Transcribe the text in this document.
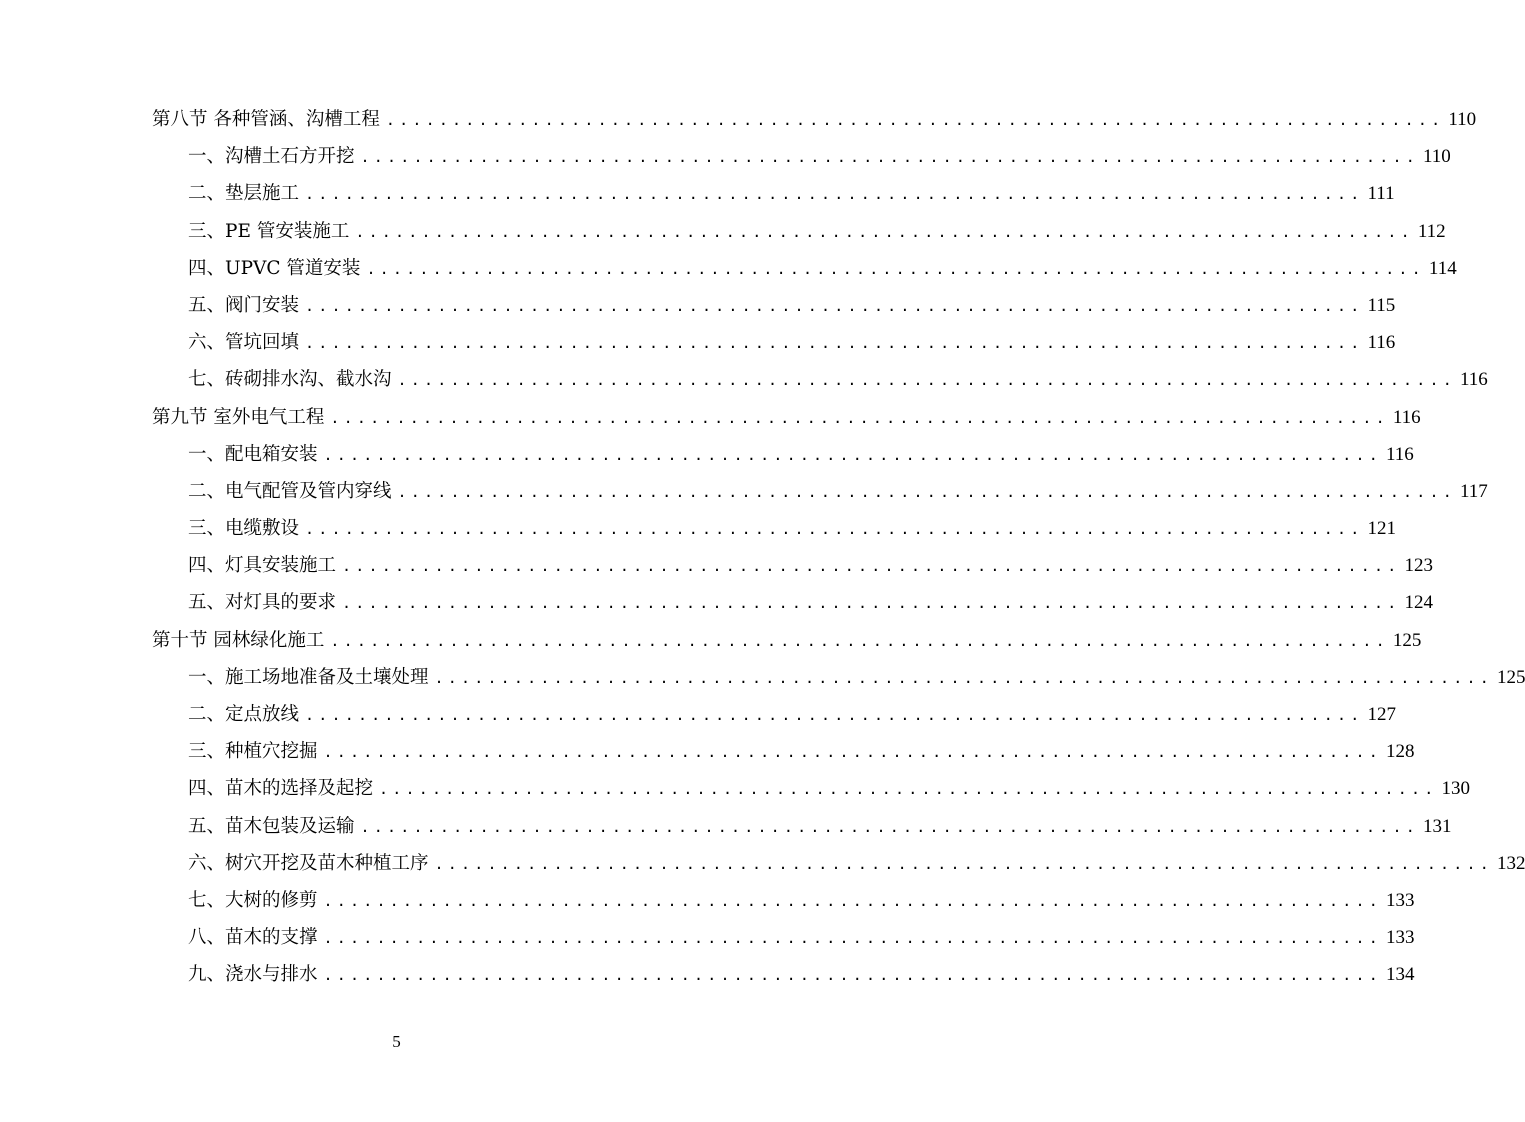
第八节 各种管涵、沟槽工程 ................................................................................ 110
一、沟槽土石方开挖 ................................................................................ 110
二、垫层施工 ................................................................................ 111
三、PE 管安装施工 ................................................................................ 112
四、UPVC 管道安装 ................................................................................ 114
五、阀门安装 ................................................................................ 115
六、管坑回填 ................................................................................ 116
七、砖砌排水沟、截水沟 ................................................................................ 116
第九节 室外电气工程 ................................................................................ 116
一、配电箱安装 ................................................................................ 116
二、电气配管及管内穿线 ................................................................................ 117
三、电缆敷设 ................................................................................ 121
四、灯具安装施工 ................................................................................ 123
五、对灯具的要求 ................................................................................ 124
第十节 园林绿化施工 ................................................................................ 125
一、施工场地准备及土壤处理 ................................................................................ 125
二、定点放线 ................................................................................ 127
三、种植穴挖掘 ................................................................................ 128
四、苗木的选择及起挖 ................................................................................ 130
五、苗木包装及运输 ................................................................................ 131
六、树穴开挖及苗木种植工序 ................................................................................ 132
七、大树的修剪 ................................................................................ 133
八、苗木的支撑 ................................................................................ 133
九、浇水与排水 ................................................................................ 134
5
